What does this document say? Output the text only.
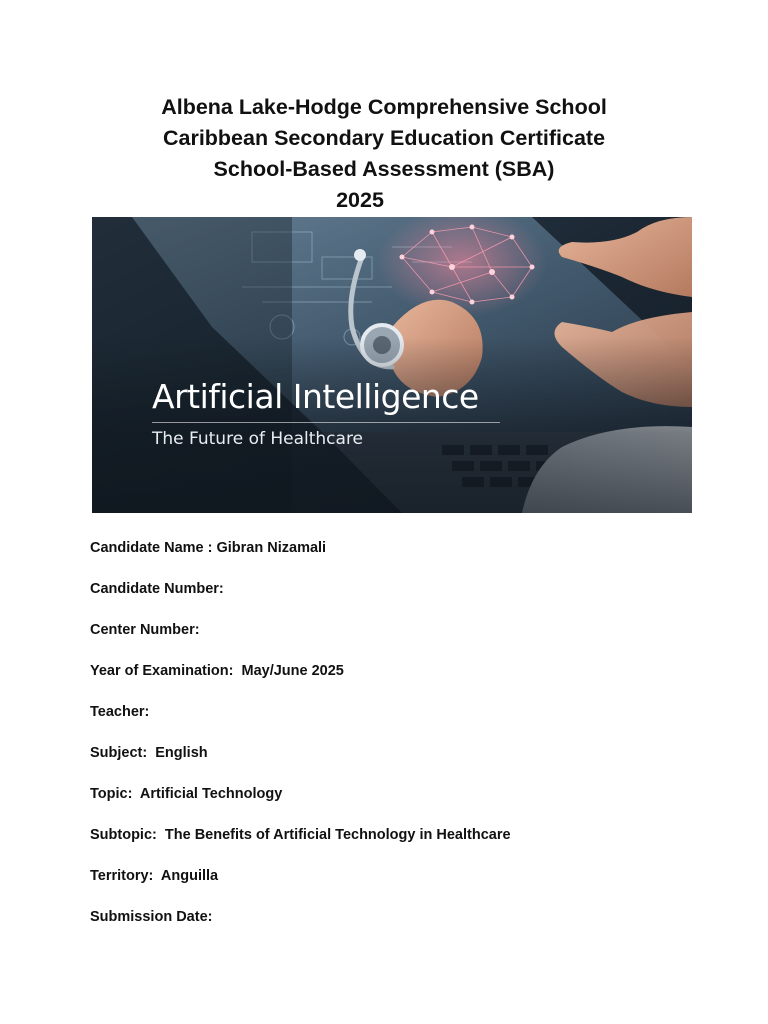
Albena Lake-Hodge Comprehensive School
Caribbean Secondary Education Certificate
School-Based Assessment (SBA)
2025
Artificial Intelligence
The Future of Healthcare
Candidate Name : Gibran Nizamali
Candidate Number:
Center Number:
Year of Examination:  May/June 2025
Teacher:
Subject:  English
Topic:  Artificial Technology
Subtopic:  The Benefits of Artificial Technology in Healthcare
Territory:  Anguilla
Submission Date:
